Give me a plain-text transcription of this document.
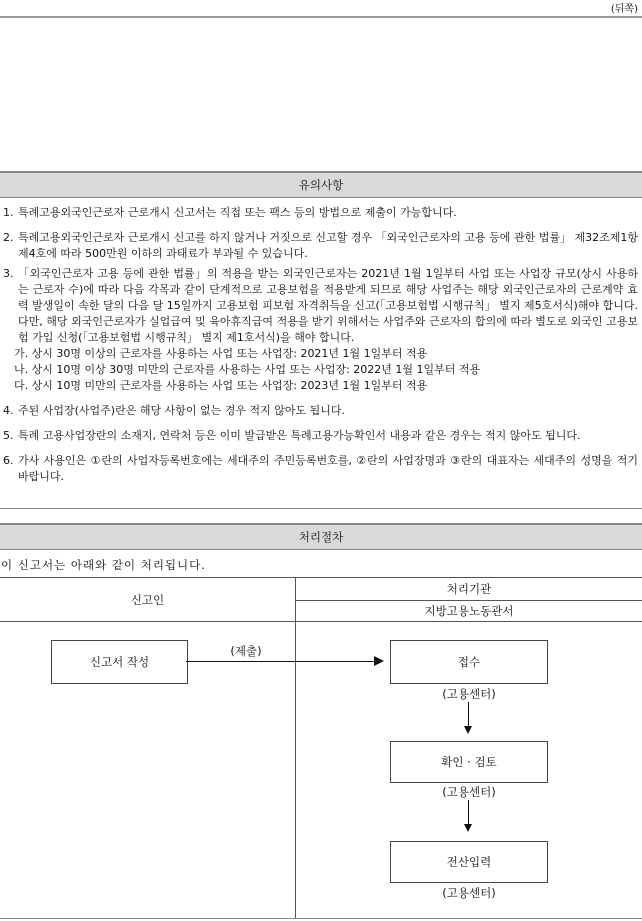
(뒤쪽)
유의사항
1. 특례고용외국인근로자 근로개시 신고서는 직접 또는 팩스 등의 방법으로 제출이 가능합니다.
2. 특례고용외국인근로자 근로개시 신고를 하지 않거나 거짓으로 신고할 경우 「외국인근로자의 고용 등에 관한 법률」 제32조제1항제4호에 따라 500만원 이하의 과태료가 부과될 수 있습니다.
3. 「외국인근로자 고용 등에 관한 법률」의 적용을 받는 외국인근로자는 2021년 1월 1일부터 사업 또는 사업장 규모(상시 사용하는 근로자 수)에 따라 다음 각목과 같이 단계적으로 고용보험을 적용받게 되므로 해당 사업주는 해당 외국인근로자의 근로계약 효력 발생일이 속한 달의 다음 달 15일까지 고용보험 피보험 자격취득을 신고(「고용보험법 시행규칙」 별지 제5호서식)해야 합니다. 다만, 해당 외국인근로자가 실업급여 및 육아휴직급여 적용을 받기 위해서는 사업주와 근로자의 합의에 따라 별도로 외국인 고용보험 가입 신청(「고용보험법 시행규칙」 별지 제1호서식)을 해야 합니다.
가. 상시 30명 이상의 근로자를 사용하는 사업 또는 사업장: 2021년 1월 1일부터 적용
나. 상시 10명 이상 30명 미만의 근로자를 사용하는 사업 또는 사업장: 2022년 1월 1일부터 적용
다. 상시 10명 미만의 근로자를 사용하는 사업 또는 사업장: 2023년 1월 1일부터 적용
4. 주된 사업장(사업주)란은 해당 사항이 없는 경우 적지 않아도 됩니다.
5. 특례 고용사업장란의 소재지, 연락처 등은 이미 발급받은 특례고용가능확인서 내용과 같은 경우는 적지 않아도 됩니다.
6. 가사 사용인은 ①란의 사업자등록번호에는 세대주의 주민등록번호를, ②란의 사업장명과 ③란의 대표자는 세대주의 성명을 적기 바랍니다.
처리절차
이 신고서는 아래와 같이 처리됩니다.
신고인
처리기관
지방고용노동관서
신고서 작성
(제출)
접수
(고용센터)
확인 · 검토
(고용센터)
전산입력
(고용센터)
